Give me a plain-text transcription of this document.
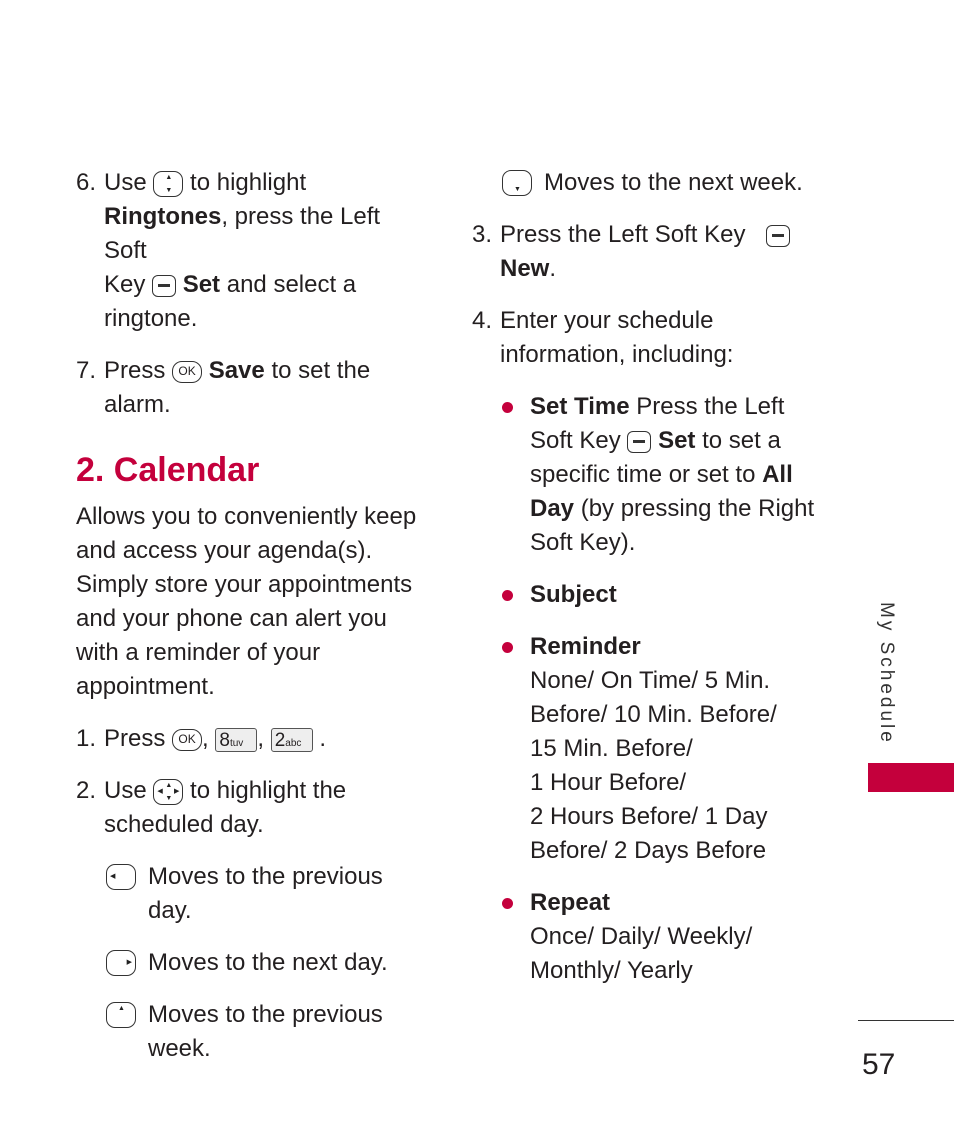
6. Use	▲
▼ to highlight
Ringtones, press the Left Soft
Key Set and select a
ringtone.

7. Press OK Save to set the
alarm.

2. Calendar

Allows you to conveniently keep
and access your agenda(s).
Simply store your appointments
and your phone can alert you
with a reminder of your
appointment.

1. Press OK , 8tuv , 2abc .

2. Use	▲
▼
◀ ▶ to highlight the
scheduled day.

◀ Moves to the previous day.
▶ Moves to the next day.
▲ Moves to the previous
week.
▼ Moves to the next week.
3. Press the Left Soft Key

New.

4. Enter your schedule
information, including:

Set Time Press the Left
Soft Key Set to set a
specific time or set to All
Day (by pressing the Right
Soft Key).

Subject

Reminder
None/ On Time/ 5 Min.
Before/ 10 Min. Before/
15 Min. Before/
1 Hour Before/
2 Hours Before/ 1 Day
Before/ 2 Days Before

Repeat
Once/ Daily/ Weekly/
Monthly/ Yearly

My Schedule
57
